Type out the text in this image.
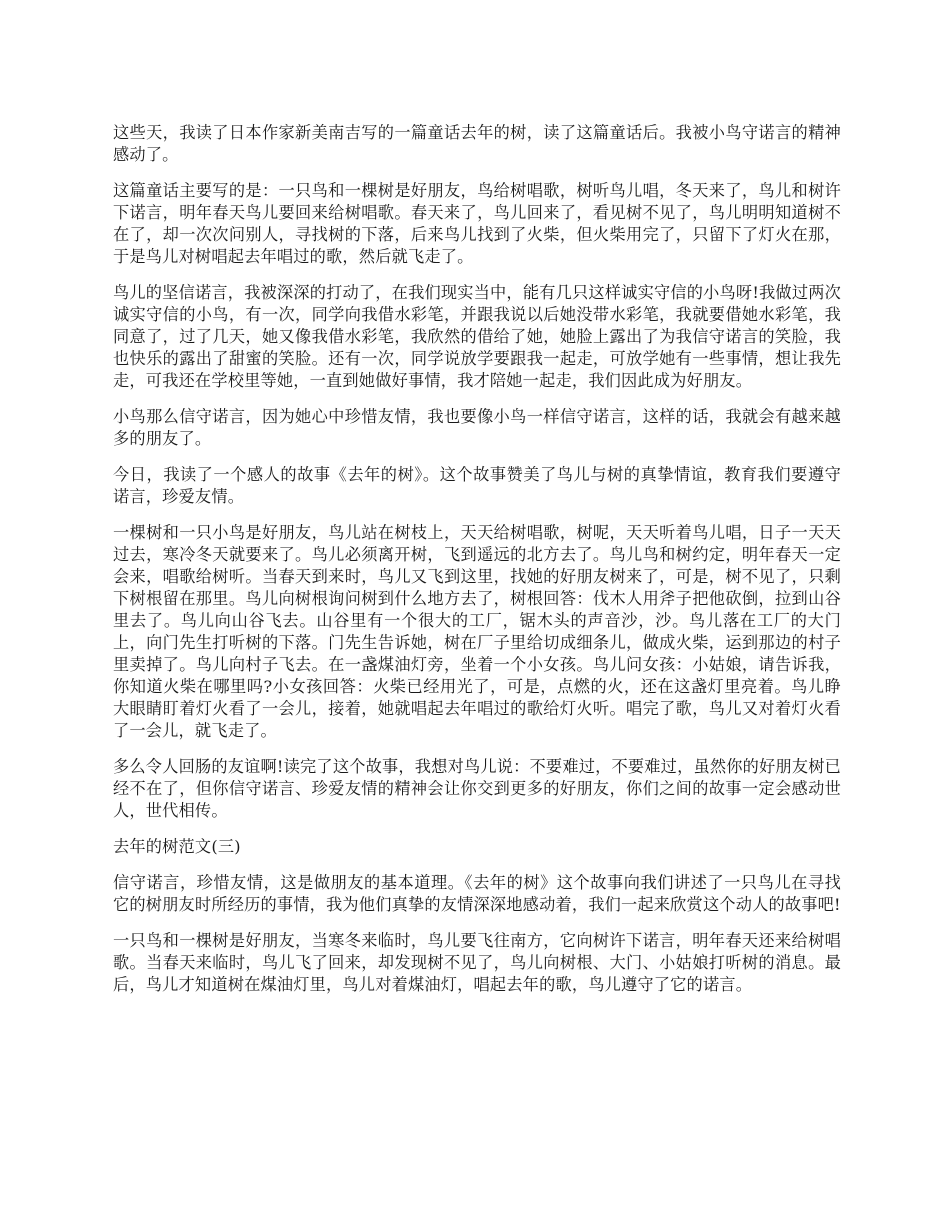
这些天，我读了日本作家新美南吉写的一篇童话去年的树，读了这篇童话后。我被小鸟守诺言的精神感动了。

这篇童话主要写的是：一只鸟和一棵树是好朋友，鸟给树唱歌，树听鸟儿唱，冬天来了，鸟儿和树许下诺言，明年春天鸟儿要回来给树唱歌。春天来了，鸟儿回来了，看见树不见了，鸟儿明明知道树不在了，却一次次问别人，寻找树的下落，后来鸟儿找到了火柴，但火柴用完了，只留下了灯火在那，于是鸟儿对树唱起去年唱过的歌，然后就飞走了。

鸟儿的坚信诺言，我被深深的打动了，在我们现实当中，能有几只这样诚实守信的小鸟呀!我做过两次诚实守信的小鸟，有一次，同学向我借水彩笔，并跟我说以后她没带水彩笔，我就要借她水彩笔，我同意了，过了几天，她又像我借水彩笔，我欣然的借给了她，她脸上露出了为我信守诺言的笑脸，我也快乐的露出了甜蜜的笑脸。还有一次，同学说放学要跟我一起走，可放学她有一些事情，想让我先走，可我还在学校里等她，一直到她做好事情，我才陪她一起走，我们因此成为好朋友。

小鸟那么信守诺言，因为她心中珍惜友情，我也要像小鸟一样信守诺言，这样的话，我就会有越来越多的朋友了。

今日，我读了一个感人的故事《去年的树》。这个故事赞美了鸟儿与树的真挚情谊，教育我们要遵守诺言，珍爱友情。

一棵树和一只小鸟是好朋友，鸟儿站在树枝上，天天给树唱歌，树呢，天天听着鸟儿唱，日子一天天过去，寒冷冬天就要来了。鸟儿必须离开树，飞到遥远的北方去了。鸟儿鸟和树约定，明年春天一定会来，唱歌给树听。当春天到来时，鸟儿又飞到这里，找她的好朋友树来了，可是，树不见了，只剩下树根留在那里。鸟儿向树根询问树到什么地方去了，树根回答：伐木人用斧子把他砍倒，拉到山谷里去了。鸟儿向山谷飞去。山谷里有一个很大的工厂，锯木头的声音沙，沙。鸟儿落在工厂的大门上，向门先生打听树的下落。门先生告诉她，树在厂子里给切成细条儿，做成火柴，运到那边的村子里卖掉了。鸟儿向村子飞去。在一盏煤油灯旁，坐着一个小女孩。鸟儿问女孩：小姑娘，请告诉我，你知道火柴在哪里吗?小女孩回答：火柴已经用光了，可是，点燃的火，还在这盏灯里亮着。鸟儿睁大眼睛盯着灯火看了一会儿，接着，她就唱起去年唱过的歌给灯火听。唱完了歌，鸟儿又对着灯火看了一会儿，就飞走了。

多么令人回肠的友谊啊!读完了这个故事，我想对鸟儿说：不要难过，不要难过，虽然你的好朋友树已经不在了，但你信守诺言、珍爱友情的精神会让你交到更多的好朋友，你们之间的故事一定会感动世人，世代相传。

去年的树范文(三)

信守诺言，珍惜友情，这是做朋友的基本道理。《去年的树》这个故事向我们讲述了一只鸟儿在寻找它的树朋友时所经历的事情，我为他们真挚的友情深深地感动着，我们一起来欣赏这个动人的故事吧!

一只鸟和一棵树是好朋友，当寒冬来临时，鸟儿要飞往南方，它向树许下诺言，明年春天还来给树唱歌。当春天来临时，鸟儿飞了回来，却发现树不见了，鸟儿向树根、大门、小姑娘打听树的消息。最后，鸟儿才知道树在煤油灯里，鸟儿对着煤油灯，唱起去年的歌，鸟儿遵守了它的诺言。
